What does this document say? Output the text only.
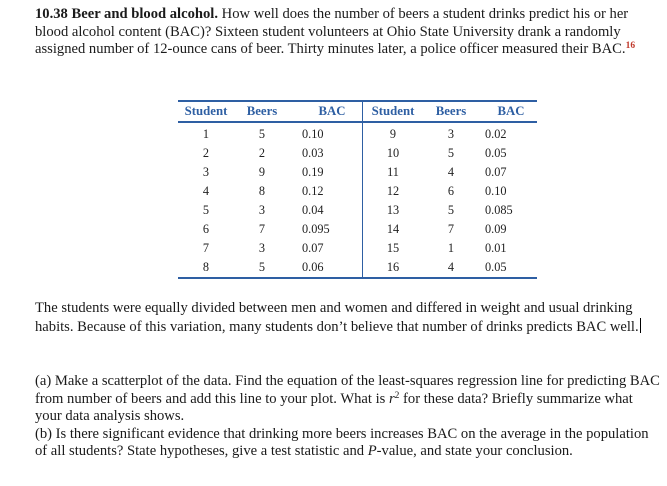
10.38 Beer and blood alcohol. How well does the number of beers a student drinks predict his or her blood alcohol content (BAC)? Sixteen student volunteers at Ohio State University drank a randomly assigned number of 12-ounce cans of beer. Thirty minutes later, a police officer measured their BAC.$^{16}$
Student	Beers	BAC	Student	Beers	BAC
1	5	0.10	9	3	0.02
2	2	0.03	10	5	0.05
3	9	0.19	11	4	0.07
4	8	0.12	12	6	0.10
5	3	0.04	13	5	0.085
6	7	0.095	14	7	0.09
7	3	0.07	15	1	0.01
8	5	0.06	16	4	0.05
The students were equally divided between men and women and differed in weight and usual drinking habits. Because of this variation, many students don’t believe that number of drinks predicts BAC well.
(a) Make a scatterplot of the data. Find the equation of the least-squares regression line for predicting BAC from number of beers and add this line to your plot. What is $r^2$ for these data? Briefly summarize what your data analysis shows.
(b) Is there significant evidence that drinking more beers increases BAC on the average in the population of all students? State hypotheses, give a test statistic and P-value, and state your conclusion.
